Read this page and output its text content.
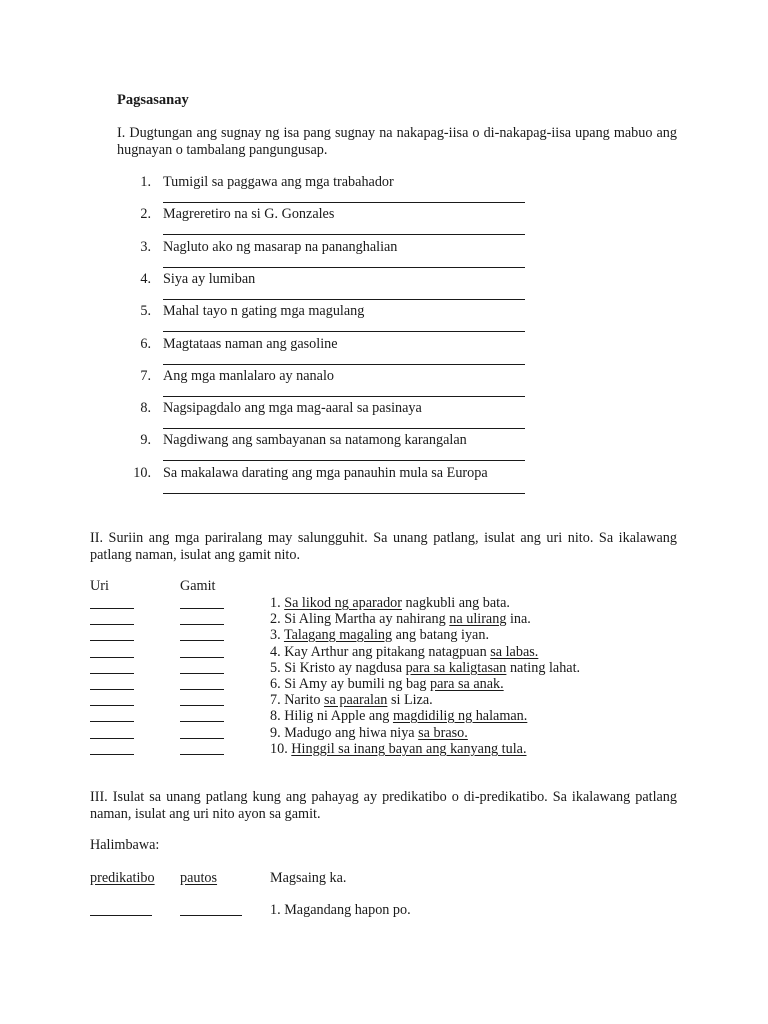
Pagsasanay
I. Dugtungan ang sugnay ng isa pang sugnay na nakapag-iisa o di-nakapag-iisa upang mabuo ang hugnayan o tambalang pangungusap.
1. Tumigil sa paggawa ang mga trabahador
2. Magreretiro na si G. Gonzales
3. Nagluto ako ng masarap na pananghalian
4. Siya ay lumiban
5. Mahal tayo n gating mga magulang
6. Magtataas naman ang gasoline
7. Ang mga manlalaro ay nanalo
8. Nagsipagdalo ang mga mag-aaral sa pasinaya
9. Nagdiwang ang sambayanan sa natamong karangalan
10. Sa makalawa darating ang mga panauhin mula sa Europa
II. Suriin ang mga pariralang may salungguhit. Sa unang patlang, isulat ang uri nito. Sa ikalawang patlang naman, isulat ang gamit nito.
Uri	Gamit
1. Sa likod ng aparador nagkubli ang bata.
2. Si Aling Martha ay nahirang na ulirang ina.
3. Talagang magaling ang batang iyan.
4. Kay Arthur ang pitakang natagpuan sa labas.
5. Si Kristo ay nagdusa para sa kaligtasan nating lahat.
6. Si Amy ay bumili ng bag para sa anak.
7. Narito sa paaralan si Liza.
8. Hilig ni Apple ang magdidilig ng halaman.
9. Madugo ang hiwa niya sa braso.
10. Hinggil sa inang bayan ang kanyang tula.
III. Isulat sa unang patlang kung ang pahayag ay predikatibo o di-predikatibo. Sa ikalawang patlang naman, isulat ang uri nito ayon sa gamit.
Halimbawa:
predikatibo pautos	Magsaing ka.
1. Magandang hapon po.
